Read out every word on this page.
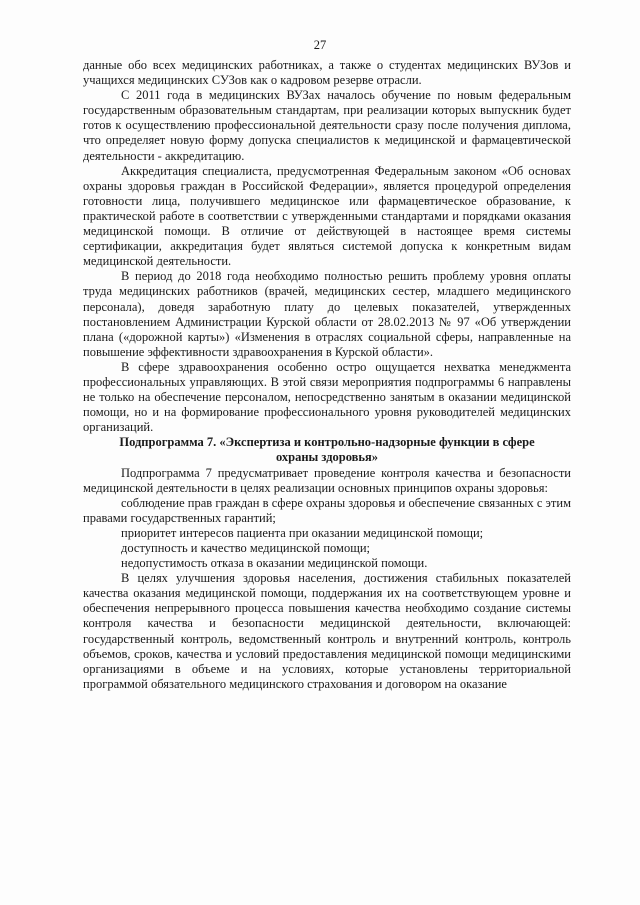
27

данные обо всех медицинских работниках, а также о студентах медицинских ВУЗов и учащихся медицинских СУЗов как о кадровом резерве отрасли.

С 2011 года в медицинских ВУЗах началось обучение по новым федеральным государственным образовательным стандартам, при реализации которых выпускник будет готов к осуществлению профессиональной деятельности сразу после получения диплома, что определяет новую форму допуска специалистов к медицинской и фармацевтической деятельности - аккредитацию.

Аккредитация специалиста, предусмотренная Федеральным законом «Об основах охраны здоровья граждан в Российской Федерации», является процедурой определения готовности лица, получившего медицинское или фармацевтическое образование, к практической работе в соответствии с утвержденными стандартами и порядками оказания медицинской помощи. В отличие от действующей в настоящее время системы сертификации, аккредитация будет являться системой допуска к конкретным видам медицинской деятельности.

В период до 2018 года необходимо полностью решить проблему уровня оплаты труда медицинских работников (врачей, медицинских сестер, младшего медицинского персонала), доведя заработную плату до целевых показателей, утвержденных постановлением Администрации Курской области от 28.02.2013 № 97 «Об утверждении плана («дорожной карты») «Изменения в отраслях социальной сферы, направленные на повышение эффективности здравоохранения в Курской области».

В сфере здравоохранения особенно остро ощущается нехватка менеджмента профессиональных управляющих. В этой связи мероприятия подпрограммы 6 направлены не только на обеспечение персоналом, непосредственно занятым в оказании медицинской помощи, но и на формирование профессионального уровня руководителей медицинских организаций.

Подпрограмма 7. «Экспертиза и контрольно-надзорные функции в сфере охраны здоровья»

Подпрограмма 7 предусматривает проведение контроля качества и безопасности медицинской деятельности в целях реализации основных принципов охраны здоровья:

соблюдение прав граждан в сфере охраны здоровья и обеспечение связанных с этим правами государственных гарантий;

приоритет интересов пациента при оказании медицинской помощи;

доступность и качество медицинской помощи;

недопустимость отказа в оказании медицинской помощи.

В целях улучшения здоровья населения, достижения стабильных показателей качества оказания медицинской помощи, поддержания их на соответствующем уровне и обеспечения непрерывного процесса повышения качества необходимо создание системы контроля качества и безопасности медицинской деятельности, включающей: государственный контроль, ведомственный контроль и внутренний контроль, контроль объемов, сроков, качества и условий предоставления медицинской помощи медицинскими организациями в объеме и на условиях, которые установлены территориальной программой обязательного медицинского страхования и договором на оказание
